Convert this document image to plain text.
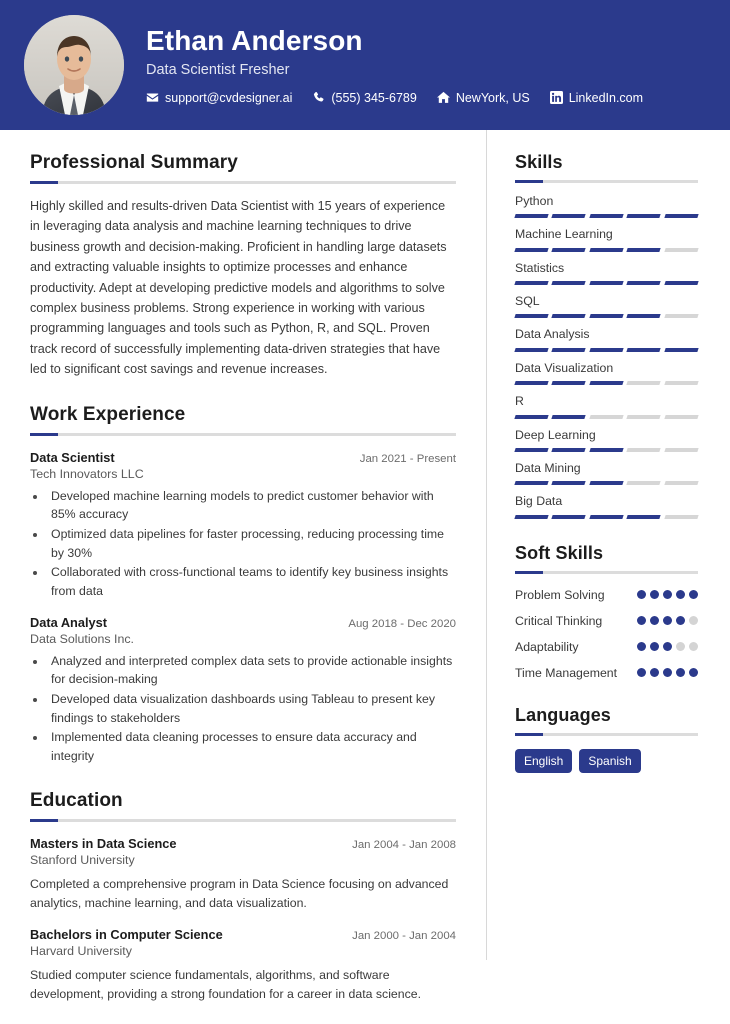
Ethan Anderson
Data Scientist Fresher
support@cvdesigner.ai	(555) 345-6789	NewYork, US	LinkedIn.com
Professional Summary

Highly skilled and results-driven Data Scientist with 15 years of experience in leveraging data analysis and machine learning techniques to drive business growth and decision-making. Proficient in handling large datasets and extracting valuable insights to optimize processes and enhance productivity. Adept at developing predictive models and algorithms to solve complex business problems. Strong experience in working with various programming languages and tools such as Python, R, and SQL. Proven track record of successfully implementing data-driven strategies that have led to significant cost savings and revenue increases.

Work Experience
Data Scientist	Jan 2021 - Present
Tech Innovators LLC
• Developed machine learning models to predict customer behavior with 85% accuracy
• Optimized data pipelines for faster processing, reducing processing time by 30%
• Collaborated with cross-functional teams to identify key business insights from data
Data Analyst	Aug 2018 - Dec 2020
Data Solutions Inc.
• Analyzed and interpreted complex data sets to provide actionable insights for decision-making
• Developed data visualization dashboards using Tableau to present key findings to stakeholders
• Implemented data cleaning processes to ensure data accuracy and integrity
Education
Masters in Data Science	Jan 2004 - Jan 2008
Stanford University
Completed a comprehensive program in Data Science focusing on advanced analytics, machine learning, and data visualization.
Bachelors in Computer Science	Jan 2000 - Jan 2004
Harvard University
Studied computer science fundamentals, algorithms, and software development, providing a strong foundation for a career in data science.
Skills
Python
Machine Learning
Statistics
SQL
Data Analysis
Data Visualization
R
Deep Learning
Data Mining
Big Data
Soft Skills
Problem Solving
Critical Thinking
Adaptability
Time Management
Languages
English	Spanish
